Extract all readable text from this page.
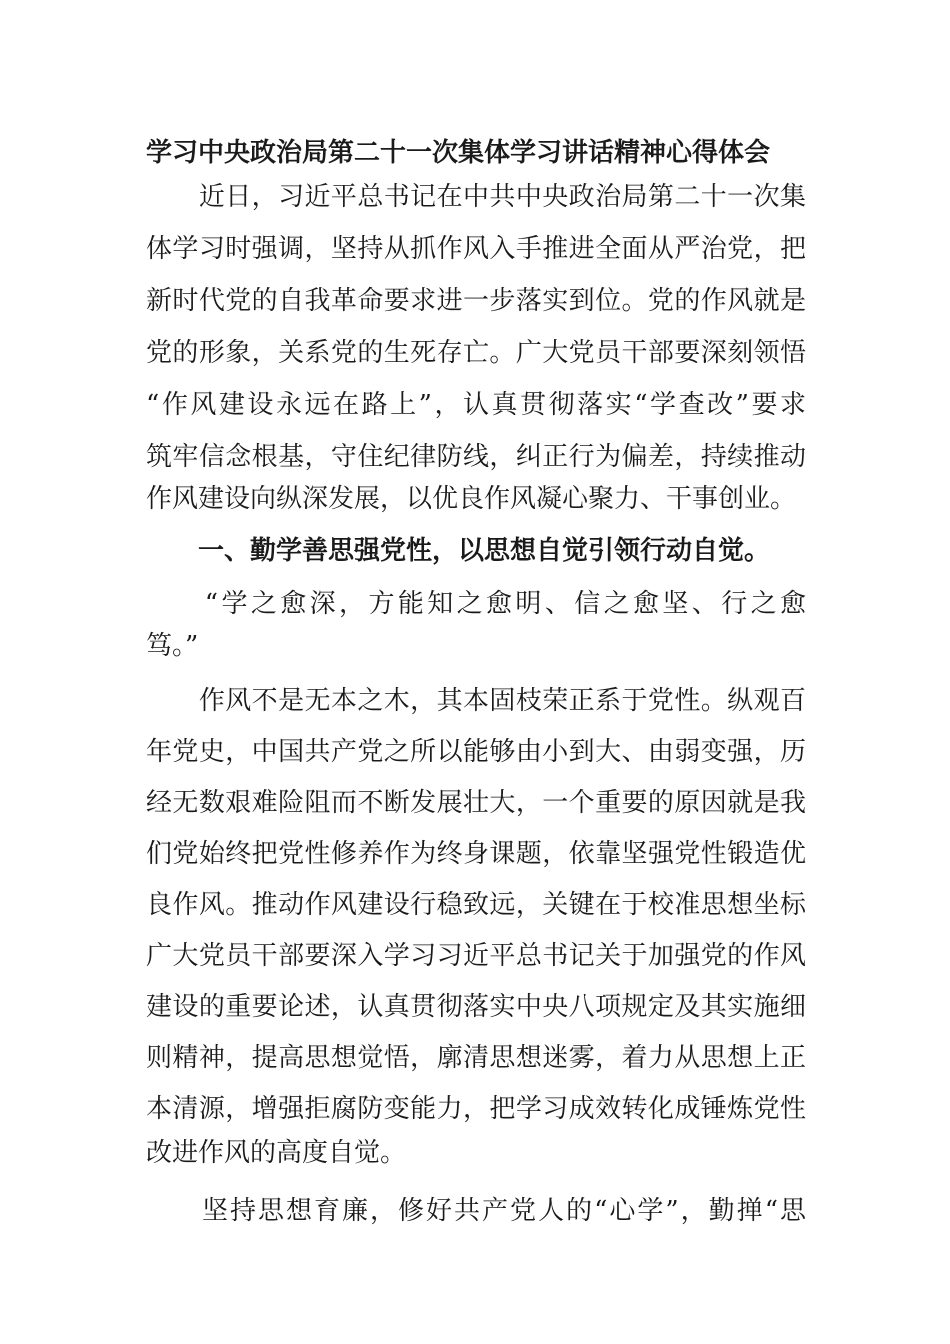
学习中央政治局第二十一次集体学习讲话精神心得体会
　　近日，习近平总书记在中共中央政治局第二十一次集
体学习时强调，坚持从抓作风入手推进全面从严治党，把
新时代党的自我革命要求进一步落实到位。党的作风就是
党的形象，关系党的生死存亡。广大党员干部要深刻领悟
“作风建设永远在路上”，认真贯彻落实“学查改”要求
筑牢信念根基，守住纪律防线，纠正行为偏差，持续推动
作风建设向纵深发展，以优良作风凝心聚力、干事创业。
　　一、勤学善思强党性，以思想自觉引领行动自觉。
　　“学之愈深，方能知之愈明、信之愈坚、行之愈
笃。”
　　作风不是无本之木，其本固枝荣正系于党性。纵观百
年党史，中国共产党之所以能够由小到大、由弱变强，历
经无数艰难险阻而不断发展壮大，一个重要的原因就是我
们党始终把党性修养作为终身课题，依靠坚强党性锻造优
良作风。推动作风建设行稳致远，关键在于校准思想坐标
广大党员干部要深入学习习近平总书记关于加强党的作风
建设的重要论述，认真贯彻落实中央八项规定及其实施细
则精神，提高思想觉悟，廓清思想迷雾，着力从思想上正
本清源，增强拒腐防变能力，把学习成效转化成锤炼党性
改进作风的高度自觉。
　　坚持思想育廉，修好共产党人的“心学”，勤掸“思
